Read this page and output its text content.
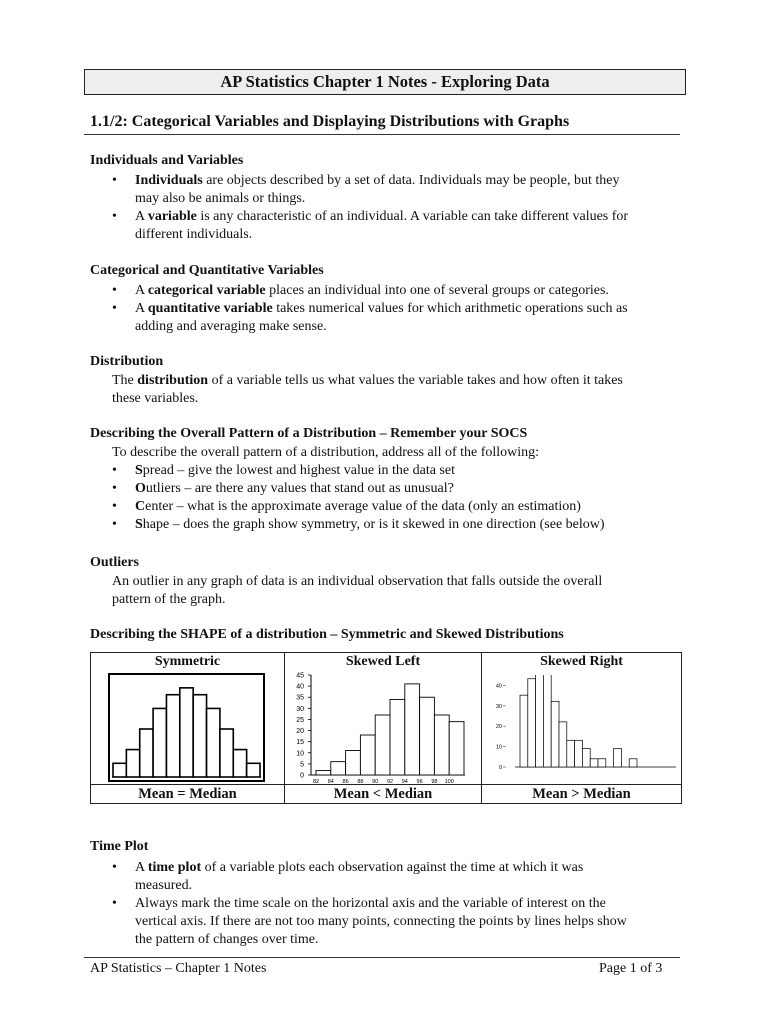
AP Statistics Chapter 1 Notes - Exploring Data
1.1/2: Categorical Variables and Displaying Distributions with Graphs
Individuals and Variables
• Individuals are objects described by a set of data. Individuals may be people, but they
may also be animals or things.
• A variable is any characteristic of an individual. A variable can take different values for
different individuals.
Categorical and Quantitative Variables
• A categorical variable places an individual into one of several groups or categories.
• A quantitative variable takes numerical values for which arithmetic operations such as
adding and averaging make sense.
Distribution
The distribution of a variable tells us what values the variable takes and how often it takes
these variables.
Describing the Overall Pattern of a Distribution – Remember your SOCS
To describe the overall pattern of a distribution, address all of the following:
• Spread – give the lowest and highest value in the data set
• Outliers – are there any values that stand out as unusual?
• Center – what is the approximate average value of the data (only an estimation)
• Shape – does the graph show symmetry, or is it skewed in one direction (see below)
Outliers
An outlier in any graph of data is an individual observation that falls outside the overall
pattern of the graph.
Describing the SHAPE of a distribution – Symmetric and Skewed Distributions
Symmetric	Skewed Left	Skewed Right
Mean = Median	Mean < Median	Mean > Median
0
5
10
15
20
25
30
35
40
45
82 84 86 88 90 92 94 96 98 100
0
10
20
30
40
Time Plot
• A time plot of a variable plots each observation against the time at which it was
measured.
• Always mark the time scale on the horizontal axis and the variable of interest on the
vertical axis. If there are not too many points, connecting the points by lines helps show
the pattern of changes over time.
AP Statistics – Chapter 1 Notes	Page 1 of 3
